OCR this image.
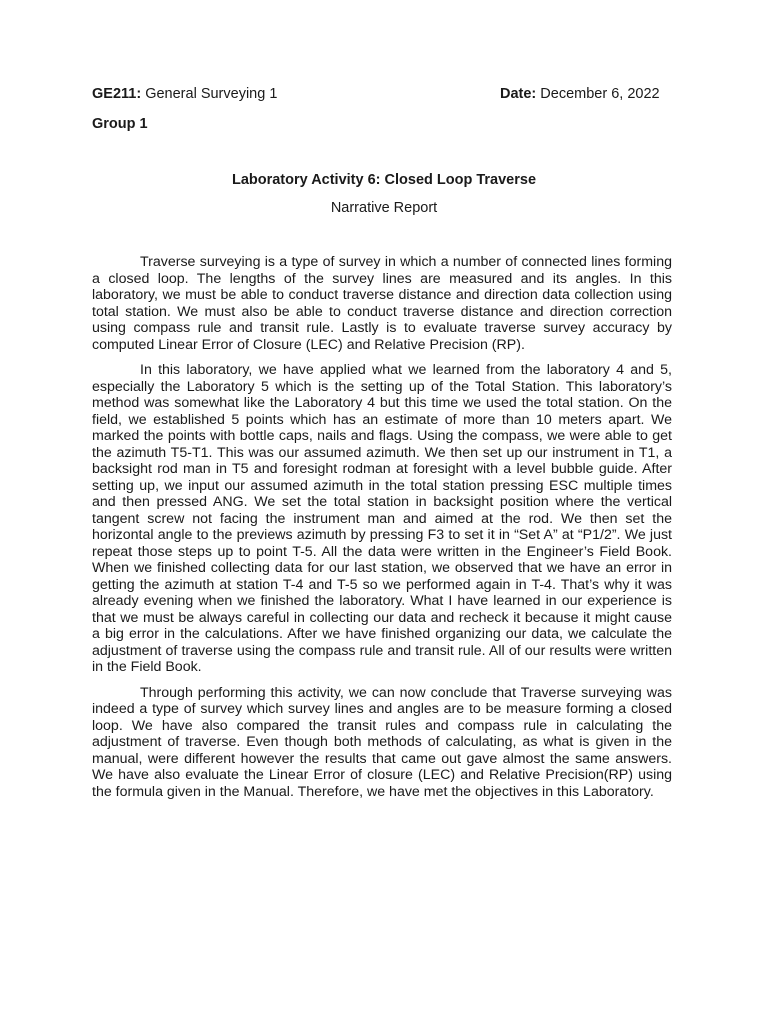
GE211: General Surveying 1	Date: December 6, 2022
Group 1
Laboratory Activity 6: Closed Loop Traverse
Narrative Report

Traverse surveying is a type of survey in which a number of connected lines forming a closed loop. The lengths of the survey lines are measured and its angles. In this laboratory, we must be able to conduct traverse distance and direction data collection using total station. We must also be able to conduct traverse distance and direction correction using compass rule and transit rule. Lastly is to evaluate traverse survey accuracy by computed Linear Error of Closure (LEC) and Relative Precision (RP).

In this laboratory, we have applied what we learned from the laboratory 4 and 5, especially the Laboratory 5 which is the setting up of the Total Station. This laboratory’s method was somewhat like the Laboratory 4 but this time we used the total station. On the field, we established 5 points which has an estimate of more than 10 meters apart. We marked the points with bottle caps, nails and flags. Using the compass, we were able to get the azimuth T5-T1. This was our assumed azimuth. We then set up our instrument in T1, a backsight rod man in T5 and foresight rodman at foresight with a level bubble guide. After setting up, we input our assumed azimuth in the total station pressing ESC multiple times and then pressed ANG. We set the total station in backsight position where the vertical tangent screw not facing the instrument man and aimed at the rod. We then set the horizontal angle to the previews azimuth by pressing F3 to set it in “Set A” at “P1/2”. We just repeat those steps up to point T-5. All the data were written in the Engineer’s Field Book. When we finished collecting data for our last station, we observed that we have an error in getting the azimuth at station T-4 and T-5 so we performed again in T-4. That’s why it was already evening when we finished the laboratory. What I have learned in our experience is that we must be always careful in collecting our data and recheck it because it might cause a big error in the calculations. After we have finished organizing our data, we calculate the adjustment of traverse using the compass rule and transit rule. All of our results were written in the Field Book.

Through performing this activity, we can now conclude that Traverse surveying was indeed a type of survey which survey lines and angles are to be measure forming a closed loop. We have also compared the transit rules and compass rule in calculating the adjustment of traverse. Even though both methods of calculating, as what is given in the manual, were different however the results that came out gave almost the same answers. We have also evaluate the Linear Error of closure (LEC) and Relative Precision(RP) using the formula given in the Manual. Therefore, we have met the objectives in this Laboratory.
